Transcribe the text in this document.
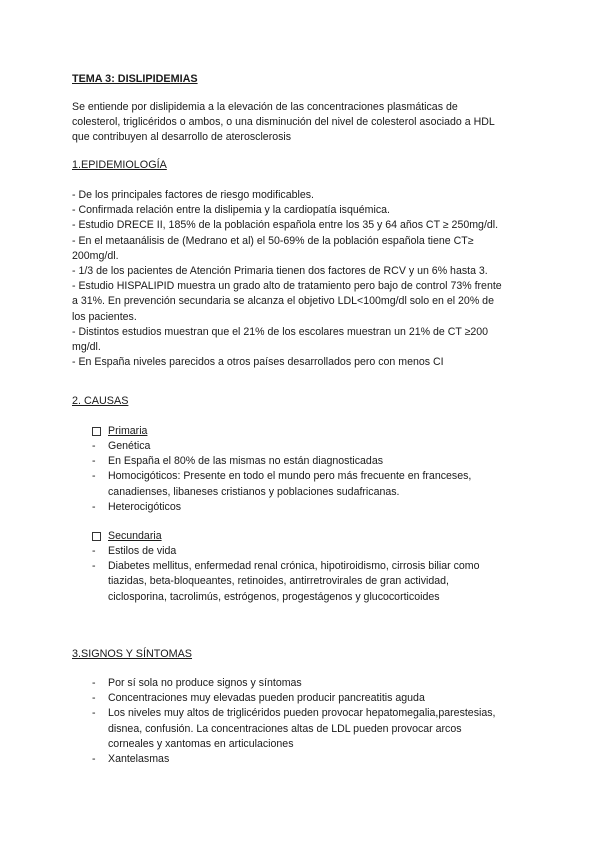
TEMA 3: DISLIPIDEMIAS

Se entiende por dislipidemia a la elevación de las concentraciones plasmáticas de

colesterol, triglicéridos o ambos, o una disminución del nivel de colesterol asociado a HDL

que contribuyen al desarrollo de aterosclerosis

1.EPIDEMIOLOGÍA

- De los principales factores de riesgo modificables.

- Confirmada relación entre la dislipemia y la cardiopatía isquémica.

- Estudio DRECE II, 185% de la población española entre los 35 y 64 años CT ≥ 250mg/dl.

- En el metaanálisis de (Medrano et al) el 50-69% de la población española tiene CT≥

200mg/dl.

- 1/3 de los pacientes de Atención Primaria tienen dos factores de RCV y un 6% hasta 3.

- Estudio HISPALIPID muestra un grado alto de tratamiento pero bajo de control 73% frente

a 31%. En prevención secundaria se alcanza el objetivo LDL<100mg/dl solo en el 20% de

los pacientes.

- Distintos estudios muestran que el 21% de los escolares muestran un 21% de CT ≥200

mg/dl.

- En España niveles parecidos a otros países desarrollados pero con menos CI

2. CAUSAS
Primaria
- Genética
- En España el 80% de las mismas no están diagnosticadas
- Homocigóticos: Presente en todo el mundo pero más frecuente en franceses,
canadienses, libaneses cristianos y poblaciones sudafricanas.
- Heterocigóticos
Secundaria
- Estilos de vida
- Diabetes mellitus, enfermedad renal crónica, hipotiroidismo, cirrosis biliar como
tiazidas, beta-bloqueantes, retinoides, antirretrovirales de gran actividad,
ciclosporina, tacrolimús, estrógenos, progestágenos y glucocorticoides
3.SIGNOS Y SÍNTOMAS
- Por sí sola no produce signos y síntomas
- Concentraciones muy elevadas pueden producir pancreatitis aguda
- Los niveles muy altos de triglicéridos pueden provocar hepatomegalia,parestesias,
disnea, confusión. La concentraciones altas de LDL pueden provocar arcos
corneales y xantomas en articulaciones
- Xantelasmas
